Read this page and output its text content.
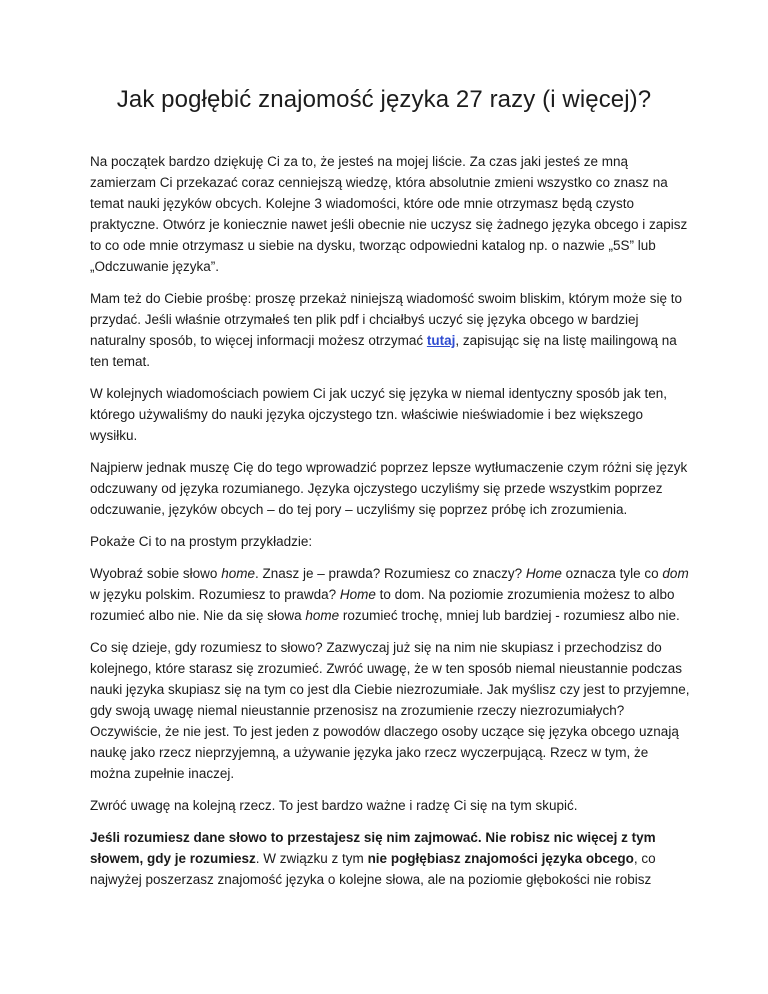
Jak pogłębić znajomość języka 27 razy (i więcej)?

Na początek bardzo dziękuję Ci za to, że jesteś na mojej liście. Za czas jaki jesteś ze mną zamierzam Ci przekazać coraz cenniejszą wiedzę, która absolutnie zmieni wszystko co znasz na temat nauki języków obcych. Kolejne 3 wiadomości, które ode mnie otrzymasz będą czysto praktyczne. Otwórz je koniecznie nawet jeśli obecnie nie uczysz się żadnego języka obcego i zapisz to co ode mnie otrzymasz u siebie na dysku, tworząc odpowiedni katalog np. o nazwie „5S” lub „Odczuwanie języka”.

Mam też do Ciebie prośbę: proszę przekaż niniejszą wiadomość swoim bliskim, którym może się to przydać. Jeśli właśnie otrzymałeś ten plik pdf i chciałbyś uczyć się języka obcego w bardziej naturalny sposób, to więcej informacji możesz otrzymać tutaj, zapisując się na listę mailingową na ten temat.

W kolejnych wiadomościach powiem Ci jak uczyć się języka w niemal identyczny sposób jak ten, którego używaliśmy do nauki języka ojczystego tzn. właściwie nieświadomie i bez większego wysiłku.

Najpierw jednak muszę Cię do tego wprowadzić poprzez lepsze wytłumaczenie czym różni się język odczuwany od języka rozumianego. Języka ojczystego uczyliśmy się przede wszystkim poprzez odczuwanie, języków obcych – do tej pory – uczyliśmy się poprzez próbę ich zrozumienia.

Pokaże Ci to na prostym przykładzie:

Wyobraź sobie słowo home. Znasz je – prawda? Rozumiesz co znaczy? Home oznacza tyle co dom w języku polskim. Rozumiesz to prawda? Home to dom. Na poziomie zrozumienia możesz to albo rozumieć albo nie. Nie da się słowa home rozumieć trochę, mniej lub bardziej - rozumiesz albo nie.

Co się dzieje, gdy rozumiesz to słowo? Zazwyczaj już się na nim nie skupiasz i przechodzisz do kolejnego, które starasz się zrozumieć. Zwróć uwagę, że w ten sposób niemal nieustannie podczas nauki języka skupiasz się na tym co jest dla Ciebie niezrozumiałe. Jak myślisz czy jest to przyjemne, gdy swoją uwagę niemal nieustannie przenosisz na zrozumienie rzeczy niezrozumiałych? Oczywiście, że nie jest. To jest jeden z powodów dlaczego osoby uczące się języka obcego uznają naukę jako rzecz nieprzyjemną, a używanie języka jako rzecz wyczerpującą. Rzecz w tym, że można zupełnie inaczej.

Zwróć uwagę na kolejną rzecz. To jest bardzo ważne i radzę Ci się na tym skupić.

Jeśli rozumiesz dane słowo to przestajesz się nim zajmować. Nie robisz nic więcej z tym słowem, gdy je rozumiesz. W związku z tym nie pogłębiasz znajomości języka obcego, co najwyżej poszerzasz znajomość języka o kolejne słowa, ale na poziomie głębokości nie robisz
